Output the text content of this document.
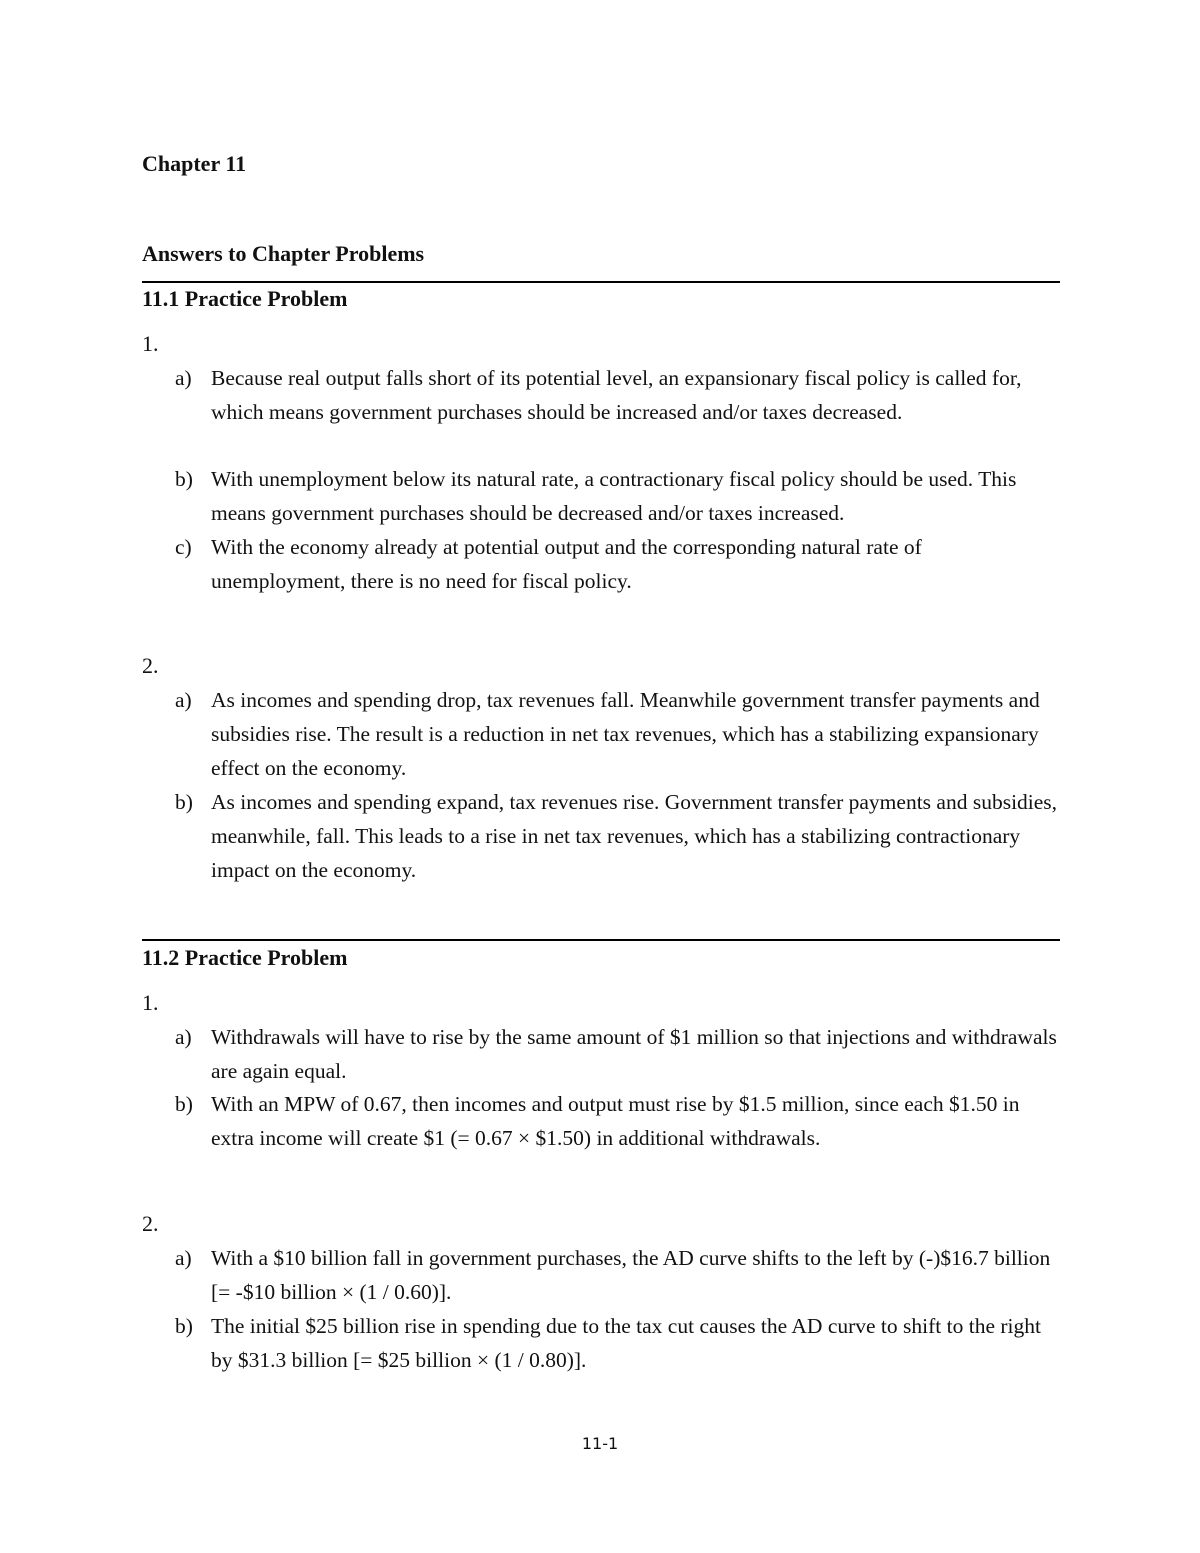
Chapter 11
Answers to Chapter Problems
11.1 Practice Problem
1.
a) Because real output falls short of its potential level, an expansionary fiscal policy is called for, which means government purchases should be increased and/or taxes decreased.
b) With unemployment below its natural rate, a contractionary fiscal policy should be used. This means government purchases should be decreased and/or taxes increased.
c) With the economy already at potential output and the corresponding natural rate of unemployment, there is no need for fiscal policy.
2.
a) As incomes and spending drop, tax revenues fall. Meanwhile government transfer payments and subsidies rise. The result is a reduction in net tax revenues, which has a stabilizing expansionary effect on the economy.
b) As incomes and spending expand, tax revenues rise. Government transfer payments and subsidies, meanwhile, fall. This leads to a rise in net tax revenues, which has a stabilizing contractionary impact on the economy.
11.2 Practice Problem
1.
a) Withdrawals will have to rise by the same amount of $1 million so that injections and withdrawals are again equal.
b) With an MPW of 0.67, then incomes and output must rise by $1.5 million, since each $1.50 in extra income will create $1 (= 0.67 × $1.50) in additional withdrawals.
2.
a) With a $10 billion fall in government purchases, the AD curve shifts to the left by (-)$16.7 billion [= -$10 billion × (1 / 0.60)].
b) The initial $25 billion rise in spending due to the tax cut causes the AD curve to shift to the right by $31.3 billion [= $25 billion × (1 / 0.80)].
11-1
